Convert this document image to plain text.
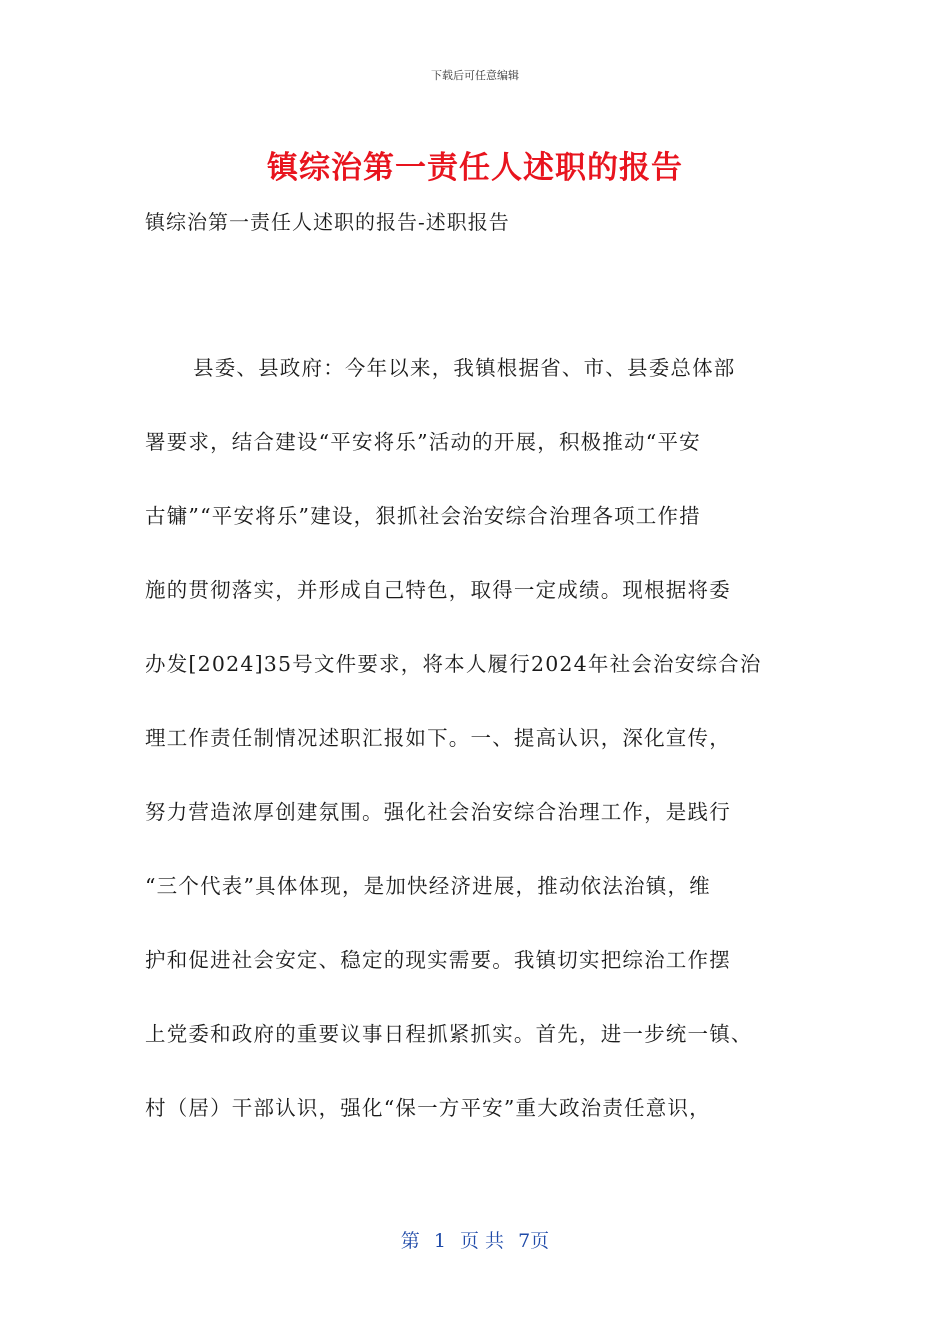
下载后可任意编辑
镇综治第一责任人述职的报告
镇综治第一责任人述职的报告-述职报告
县委、县政府：今年以来，我镇根据省、市、县委总体部
署要求，结合建设“平安将乐”活动的开展，积极推动“平安
古镛”“平安将乐”建设，狠抓社会治安综合治理各项工作措
施的贯彻落实，并形成自己特色，取得一定成绩。现根据将委
办发[2024]35号文件要求，将本人履行2024年社会治安综合治
理工作责任制情况述职汇报如下。一、提高认识，深化宣传，
努力营造浓厚创建氛围。强化社会治安综合治理工作，是践行
“三个代表”具体体现，是加快经济进展，推动依法治镇，维
护和促进社会安定、稳定的现实需要。我镇切实把综治工作摆
上党委和政府的重要议事日程抓紧抓实。首先，进一步统一镇、
村（居）干部认识，强化“保一方平安”重大政治责任意识，
第 1 页 共 7页
